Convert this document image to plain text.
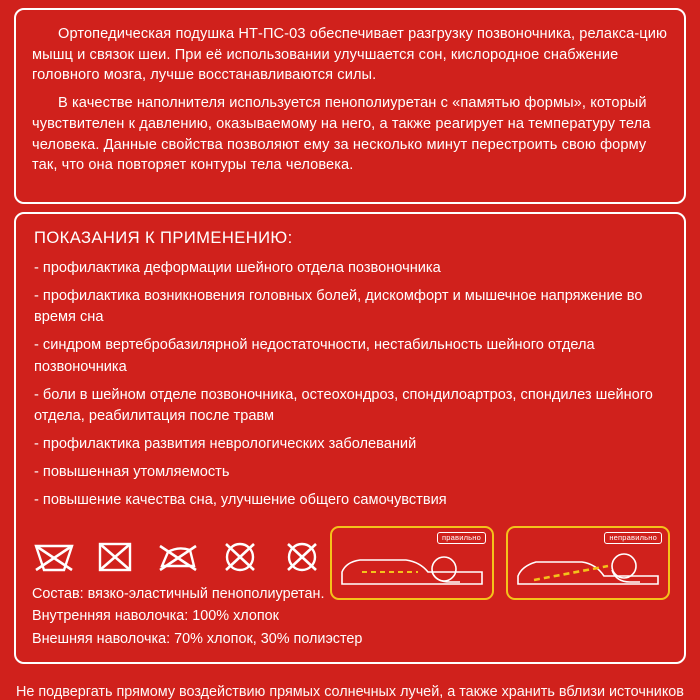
Ортопедическая подушка НТ-ПС-03 обеспечивает разгрузку позвоночника, релакса-цию мышц и связок шеи. При её использовании улучшается сон, кислородное снабжение головного мозга, лучше восстанавливаются силы.

В качестве наполнителя используется пенополиуретан с «памятью формы», который чувствителен к давлению, оказываемому на него, а также реагирует на температуру тела человека. Данные свойства позволяют ему за несколько минут перестроить свою форму так, что она повторяет контуры тела человека.

ПОКАЗАНИЯ К ПРИМЕНЕНИЮ:

- профилактика деформации шейного отдела позвоночника

- профилактика возникновения головных болей, дискомфорт и мышечное напряжение во время сна

- синдром вертебробазилярной недостаточности, нестабильность шейного отдела позвоночника

- боли в шейном отделе позвоночника, остеохондроз, спондилоартроз, спондилез шейного отдела, реабилитация после травм

- профилактика развития неврологических заболеваний

- повышенная утомляемость

- повышение качества сна, улучшение общего самочувствия

правильно	неправильно

Состав: вязко-эластичный пенополиуретан.

Внутренняя наволочка: 100% хлопок

Внешняя наволочка: 70% хлопок, 30% полиэстер

Не подвергать прямому воздействию прямых солнечных лучей, а также хранить вблизи источников
